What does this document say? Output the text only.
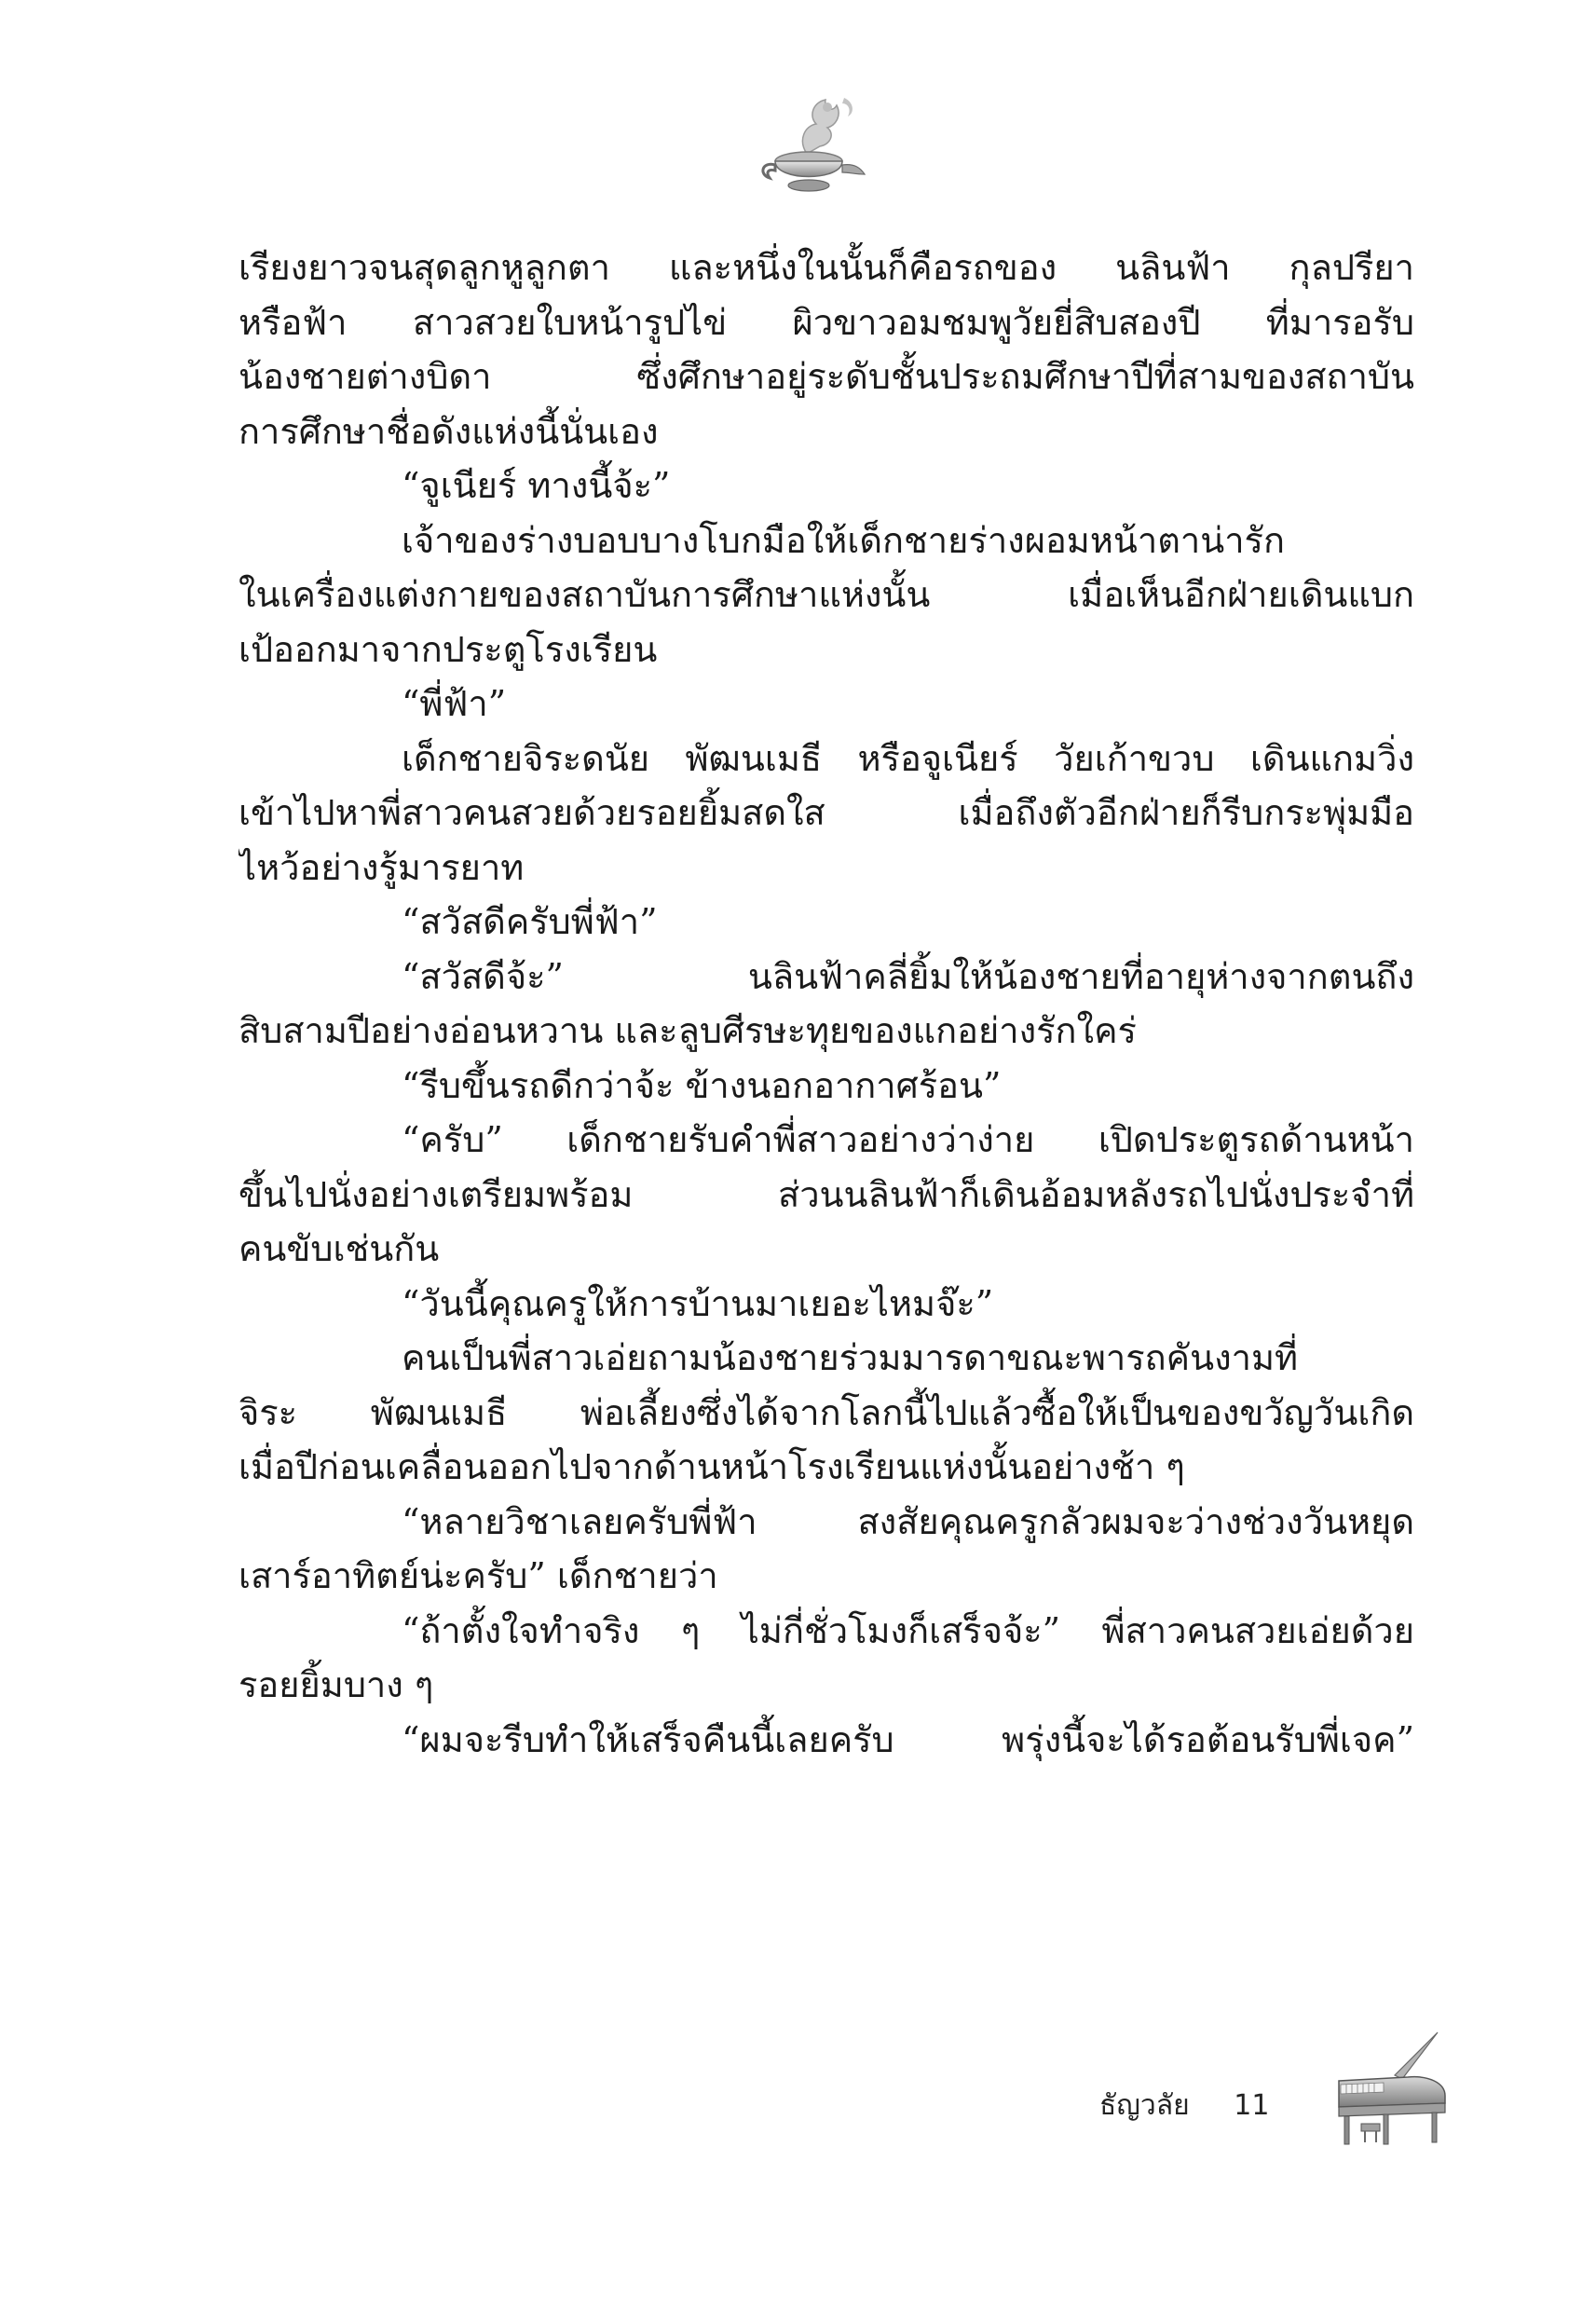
เรียงยาวจนสุดลูกหูลูกตา และหนึ่งในนั้นก็คือรถของ นลินฟ้า กุลปรียา
หรือฟ้า สาวสวยใบหน้ารูปไข่ ผิวขาวอมชมพูวัยยี่สิบสองปี ที่มารอรับ
น้องชายต่างบิดา ซึ่งศึกษาอยู่ระดับชั้นประถมศึกษาปีที่สามของสถาบัน
การศึกษาชื่อดังแห่งนี้นั่นเอง
“จูเนียร์ ทางนี้จ้ะ”
เจ้าของร่างบอบบางโบกมือให้เด็กชายร่างผอมหน้าตาน่ารัก
ในเครื่องแต่งกายของสถาบันการศึกษาแห่งนั้น เมื่อเห็นอีกฝ่ายเดินแบก
เป้ออกมาจากประตูโรงเรียน
“พี่ฟ้า”
เด็กชายจิระดนัย พัฒนเมธี หรือจูเนียร์ วัยเก้าขวบ เดินแกมวิ่ง
เข้าไปหาพี่สาวคนสวยด้วยรอยยิ้มสดใส เมื่อถึงตัวอีกฝ่ายก็รีบกระพุ่มมือ
ไหว้อย่างรู้มารยาท
“สวัสดีครับพี่ฟ้า”
“สวัสดีจ้ะ” นลินฟ้าคลี่ยิ้มให้น้องชายที่อายุห่างจากตนถึง
สิบสามปีอย่างอ่อนหวาน และลูบศีรษะทุยของแกอย่างรักใคร่
“รีบขึ้นรถดีกว่าจ้ะ ข้างนอกอากาศร้อน”
“ครับ” เด็กชายรับคำพี่สาวอย่างว่าง่าย เปิดประตูรถด้านหน้า
ขึ้นไปนั่งอย่างเตรียมพร้อม ส่วนนลินฟ้าก็เดินอ้อมหลังรถไปนั่งประจำที่
คนขับเช่นกัน
“วันนี้คุณครูให้การบ้านมาเยอะไหมจ๊ะ”
คนเป็นพี่สาวเอ่ยถามน้องชายร่วมมารดาขณะพารถคันงามที่
จิระ พัฒนเมธี พ่อเลี้ยงซึ่งได้จากโลกนี้ไปแล้วซื้อให้เป็นของขวัญวันเกิด
เมื่อปีก่อนเคลื่อนออกไปจากด้านหน้าโรงเรียนแห่งนั้นอย่างช้า ๆ
“หลายวิชาเลยครับพี่ฟ้า สงสัยคุณครูกลัวผมจะว่างช่วงวันหยุด
เสาร์อาทิตย์น่ะครับ” เด็กชายว่า
“ถ้าตั้งใจทำจริง ๆ ไม่กี่ชั่วโมงก็เสร็จจ้ะ” พี่สาวคนสวยเอ่ยด้วย
รอยยิ้มบาง ๆ
“ผมจะรีบทำให้เสร็จคืนนี้เลยครับ พรุ่งนี้จะได้รอต้อนรับพี่เจค”
ธัญวลัย 11
